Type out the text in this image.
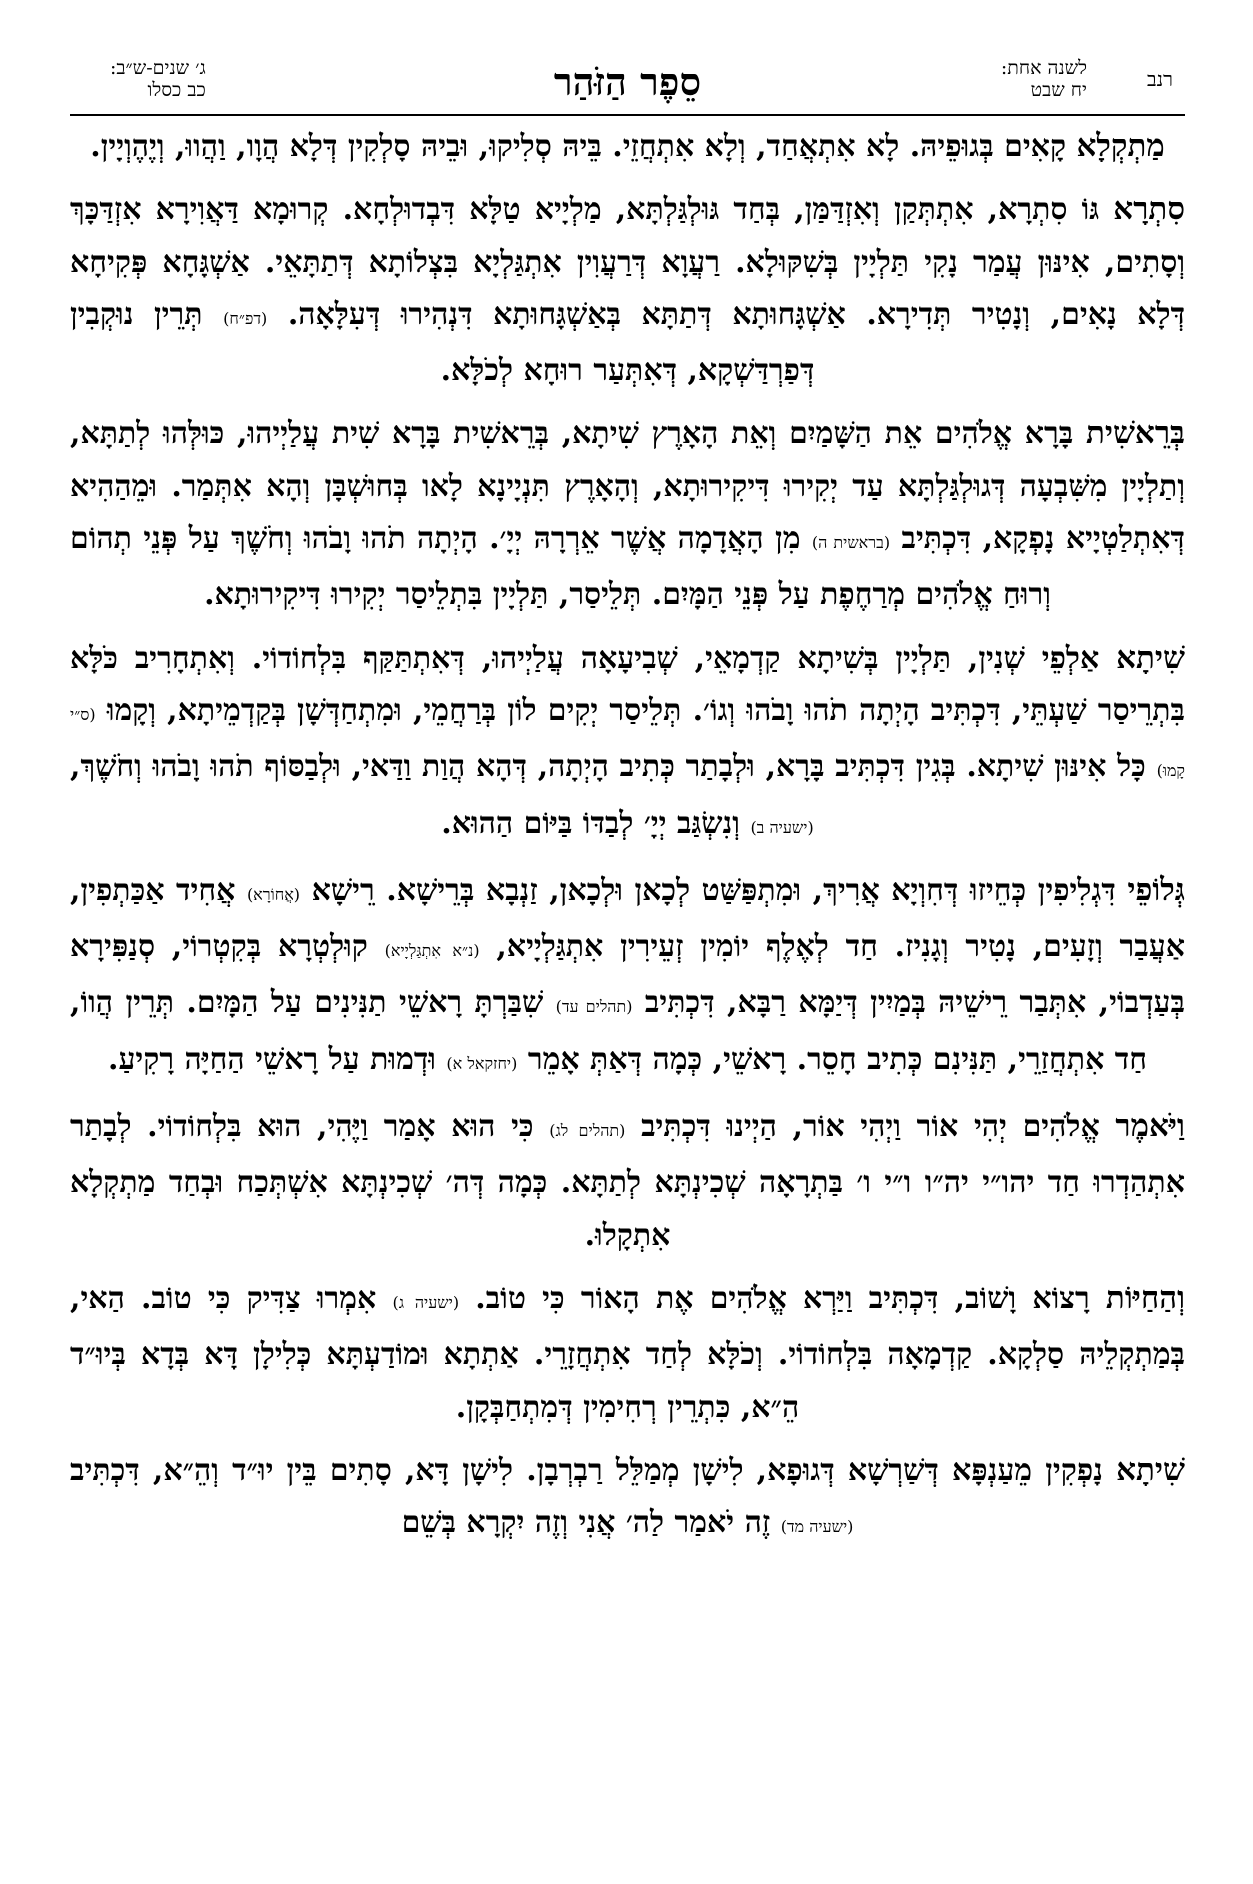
רנב
לשנה אחת:
יח שבט
סֵפֶר הַזֹּהַר
ג׳ שנים-ש״ב:
כב כסלו

מַתְקְלָא קָאִים בְּגוּפֵיהּ. לָא אִתְאֲחַד, וְלָא אִתְחֲזֵי. בֵּיהּ סְלִיקוּ, וּבֵיהּ סָלְקִין דְּלָא הֲוָו, וַהֲווּ, וְיֶהֶוְיָין.

סִתְרָא גּוֹ סִתְרָא, אִתְתְּקַן וְאִזְדַּמַּן, בְּחַד גּוּלְגַּלְתָּא, מַלְיָיא טַלָּא דִּבְדוּלְחָא. קְרוּמָא דַּאֲוִירָא אִזְדַּכָּךְ וְסָתִים, אִינּוּן עֲמַר נָקִי תַּלְיָין בְּשִׁקּוּלָא. רַעֲוָא דְּרַעֲוִין אִתְגַּלְיָא בִּצְלוֹתָא דְּתַתָּאֵי. אַשְׁגָּחָא פְּקִיחָא דְּלָא נָאִים, וְנָטִיר תְּדִירָא. אַשְׁגָּחוּתָא דְּתַתָּא בְּאַשְׁגָּחוּתָא דִּנְהִירוּ דְּעִלָּאָה. (דפ״ח) תְּרֵין נוּקְבִין דְּפַרְדַּשְׁקָא, דְּאִתְּעַר רוּחָא לְכֹלָּא.

בְּרֵאשִׁית בָּרָא אֱלֹהִים אֵת הַשָּׁמַיִם וְאֵת הָאָרֶץ שִׁיתָא, בְּרֵאשִׁית בָּרָא שִׁית עֲלַיְיהוּ, כּוּלְּהוּ לְתַתָּא, וְתַלְיָין מִשִּׁבְעָה דְּגוּלְגַּלְתָּא עַד יְקִירוּ דִּיקִירוּתָא, וְהָאָרֶץ תִּנְיָינָא לָאו בְּחוּשְׁבָּן וְהָא אִתְּמַר. וּמֵהַהִיא דְּאִתְלַטְיָיא נָפְקָא, דִּכְתִּיב (בראשית ה) מִן הָאֲדָמָה אֲשֶׁר אֵרְרָהּ יְיָ׳. הָיְתָה תֹהוּ וָבֹהוּ וְחֹשֶׁךְ עַל פְּנֵי תְהוֹם וְרוּחַ אֱלֹהִים מְרַחֶפֶת עַל פְּנֵי הַמָּיִם. תְּלֵיסַר, תַּלְיָין בִּתְלֵיסַר יְקִירוּ דִּיקִירוּתָא.

שִׁיתָא אַלְפֵי שְׁנִין, תַּלְיָין בְּשִׁיתָא קַדְמָאֵי, שְׁבִיעָאָה עֲלַיְיהוּ, דְּאִתְתַּקַּף בִּלְחוֹדוֹי. וְאִתְחָרִיב כֹּלָּא בִּתְרֵיסַר שַׁעְתֵּי, דִּכְתִּיב הָיְתָה תֹהוּ וָבֹהוּ וְגוֹ׳. תְּלֵיסַר יְקִים לוֹן בְּרַחֲמֵי, וּמִתְחַדְּשָׁן בְּקַדְמֵיתָא, וְקָמוּ (ס״י קָמוּ) כָּל אִינּוּן שִׁיתָא. בְּגִין דִּכְתִּיב בָּרָא, וּלְבָתַר כְּתִיב הָיְתָה, דְּהָא הֲוַת וַדַּאי, וּלְבַסּוֹף תֹהוּ וָבֹהוּ וְחֹשֶׁךְ, (ישעיה ב) וְנִשְׂגַּב יְיָ׳ לְבַדּוֹ בַּיּוֹם הַהוּא.

גְּלוֹפֵי דִּגְלִיפִין כְּחֵיזוּ דְּחִוְיָא אֲרִיךְ, וּמִתְפַּשַּׁט לְכָאן וּלְכָאן, זַנְבָא בְּרֵישָׁא. רֵישָׁא (אֲחוֹרָא) אֲחִיד אַכַּתְפִין, אַעֲבַר וְזָעִים, נָטִיר וְגָנִיז. חַד לְאֶלֶף יוֹמִין זְעֵירִין אִתְגַּלְיָיא, (נ״א אִתְגַּלְיָיא) קוּלְטְרָא בְּקִטְרוֹי, סְנַפִּירָא בְּעַדְבוֹי, אִתְּבַר רֵישֵׁיהּ בְּמַיִין דְּיַמָּא רַבָּא, דִּכְתִּיב (תהלים עד) שִׁבַּרְתָּ רָאשֵׁי תַנִּינִים עַל הַמָּיִם. תְּרֵין הֲווֹ, חַד אִתְחֲזַרֵי, תַּנִּינִם כְּתִיב חָסֵר. רָאשֵׁי, כְּמָה דְּאַתְּ אָמֵר (יחזקאל א) וּדְמוּת עַל רָאשֵׁי הַחַיָּה רָקִיעַ.

וַיֹּאמֶר אֱלֹהִים יְהִי אוֹר וַיְהִי אוֹר, הַיְינוּ דִּכְתִּיב (תהלים לג) כִּי הוּא אָמַר וַיֶּהִי, הוּא בִּלְחוֹדוֹי. לְבָתַר אִתְהַדְרוּ חַד יהו״י יה״ו ו״י ו׳ בַּתְרָאָה שְׁכִינְתָּא לְתַתָּא. כְּמָה דְּה׳ שְׁכִינְתָּא אִשְׁתְּכַח וּבְחַד מַתְקְלָא אִתְקָלוּ.

וְהַחַיּוֹת רָצוֹא וָשׁוֹב, דִּכְתִּיב וַיַּרְא אֱלֹהִים אֶת הָאוֹר כִּי טוֹב. (ישעיה ג) אִמְרוּ צַדִּיק כִּי טוֹב. הַאי, בְּמַתְקְלֵיהּ סַלְקָא. קַדְמָאָה בִּלְחוֹדוֹי. וְכֹלָּא לְחַד אִתְחֲזָרֵי. אַתְתָא וּמוֹדַעְתָּא כְּלִילָן דָּא בְּדָא בְּיוּ״ד הֵ״א, כִּתְרֵין רְחִימִין דְּמִתְחַבְּקָן.

שִׁיתָא נָפְקִין מֵעַנְפָּא דְּשַׁרְשָׁא דְּגוּפָא, לִישָׁן מְמַלֵּל רַבְרְבָן. לִישָׁן דָּא, סָתִים בֵּין יוּ״ד וְהֵ״א, דִּכְתִּיב (ישעיה מד) זֶה יֹאמַר לַה׳ אֲנִי וְזֶה יִקְרָא בְּשֵׁם
